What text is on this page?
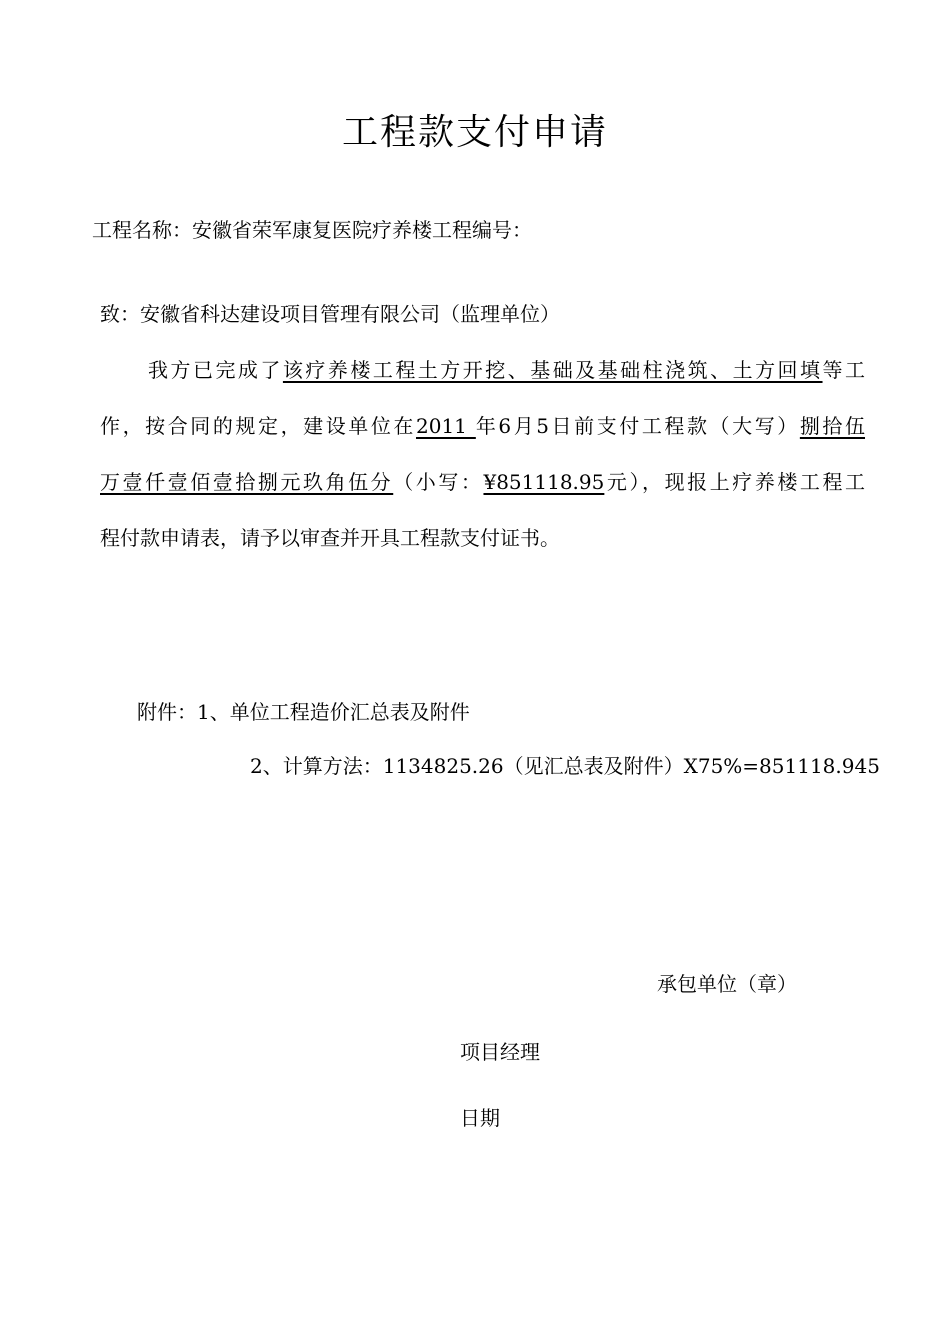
工程款支付申请
工程名称：安徽省荣军康复医院疗养楼工程编号：
致：安徽省科达建设项目管理有限公司（监理单位）
我方已完成了该疗养楼工程土方开挖、基础及基础柱浇筑、土方回填等工
作，按合同的规定，建设单位在2011 年6月5日前支付工程款（大写）捌拾伍
万壹仟壹佰壹拾捌元玖角伍分（小写：¥851118.95元），现报上疗养楼工程工
程付款申请表，请予以审查并开具工程款支付证书。
附件：1、单位工程造价汇总表及附件
2、计算方法：1134825.26（见汇总表及附件）X75%=851118.945
承包单位（章）
项目经理
日期
